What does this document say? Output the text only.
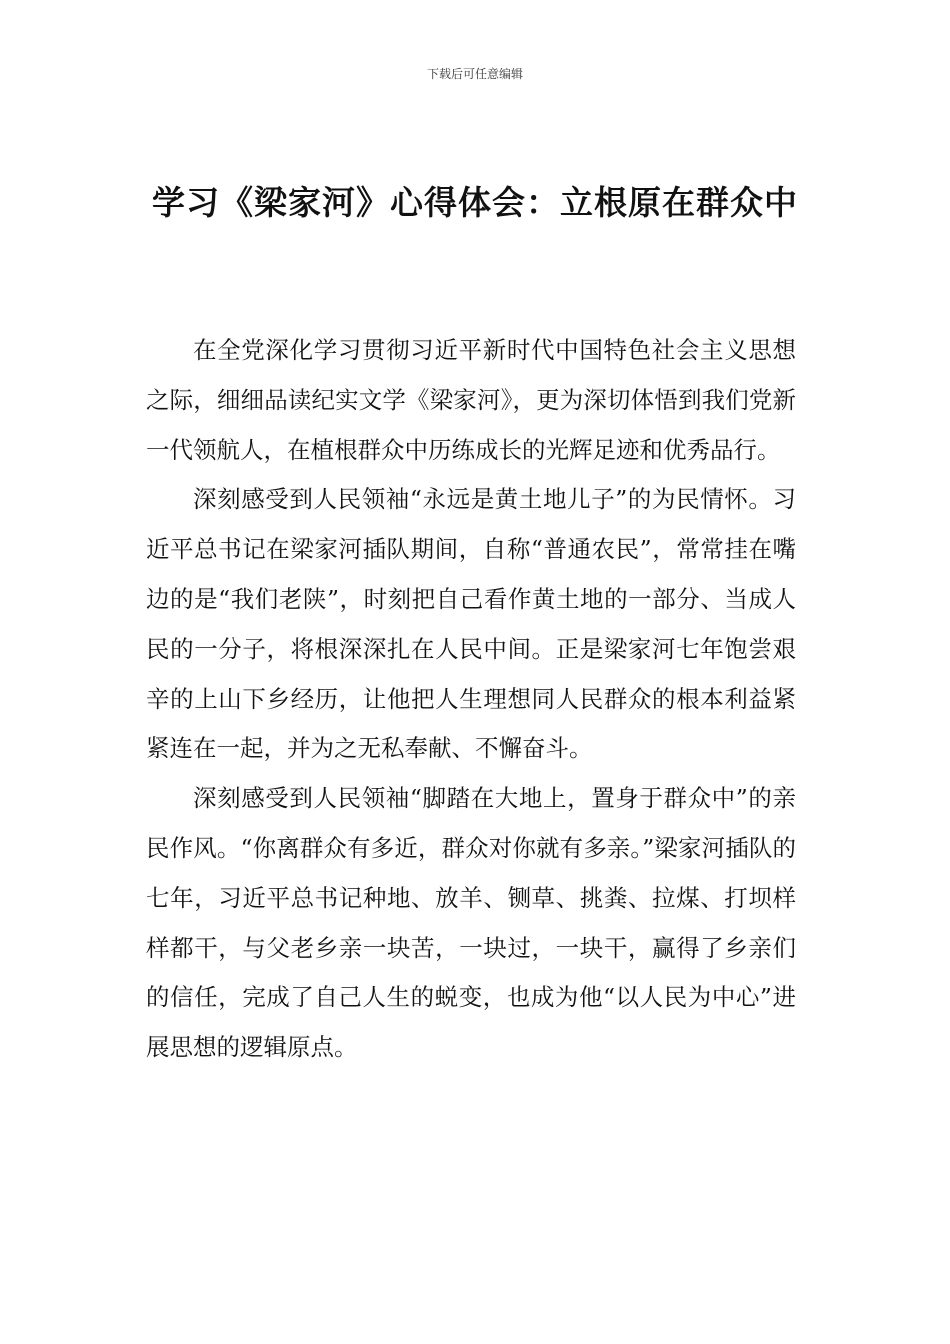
下载后可任意编辑
学习《梁家河》心得体会：立根原在群众中

在全党深化学习贯彻习近平新时代中国特色社会主义思想之际，细细品读纪实文学《梁家河》，更为深切体悟到我们党新一代领航人，在植根群众中历练成长的光辉足迹和优秀品行。

深刻感受到人民领袖“永远是黄土地儿子”的为民情怀。习近平总书记在梁家河插队期间，自称“普通农民”，常常挂在嘴边的是“我们老陕”，时刻把自己看作黄土地的一部分、当成人民的一分子，将根深深扎在人民中间。正是梁家河七年饱尝艰辛的上山下乡经历，让他把人生理想同人民群众的根本利益紧紧连在一起，并为之无私奉献、不懈奋斗。

深刻感受到人民领袖“脚踏在大地上，置身于群众中”的亲民作风。“你离群众有多近，群众对你就有多亲。”梁家河插队的七年，习近平总书记种地、放羊、铡草、挑粪、拉煤、打坝样样都干，与父老乡亲一块苦，一块过，一块干，赢得了乡亲们的信任，完成了自己人生的蜕变，也成为他“以人民为中心”进展思想的逻辑原点。
